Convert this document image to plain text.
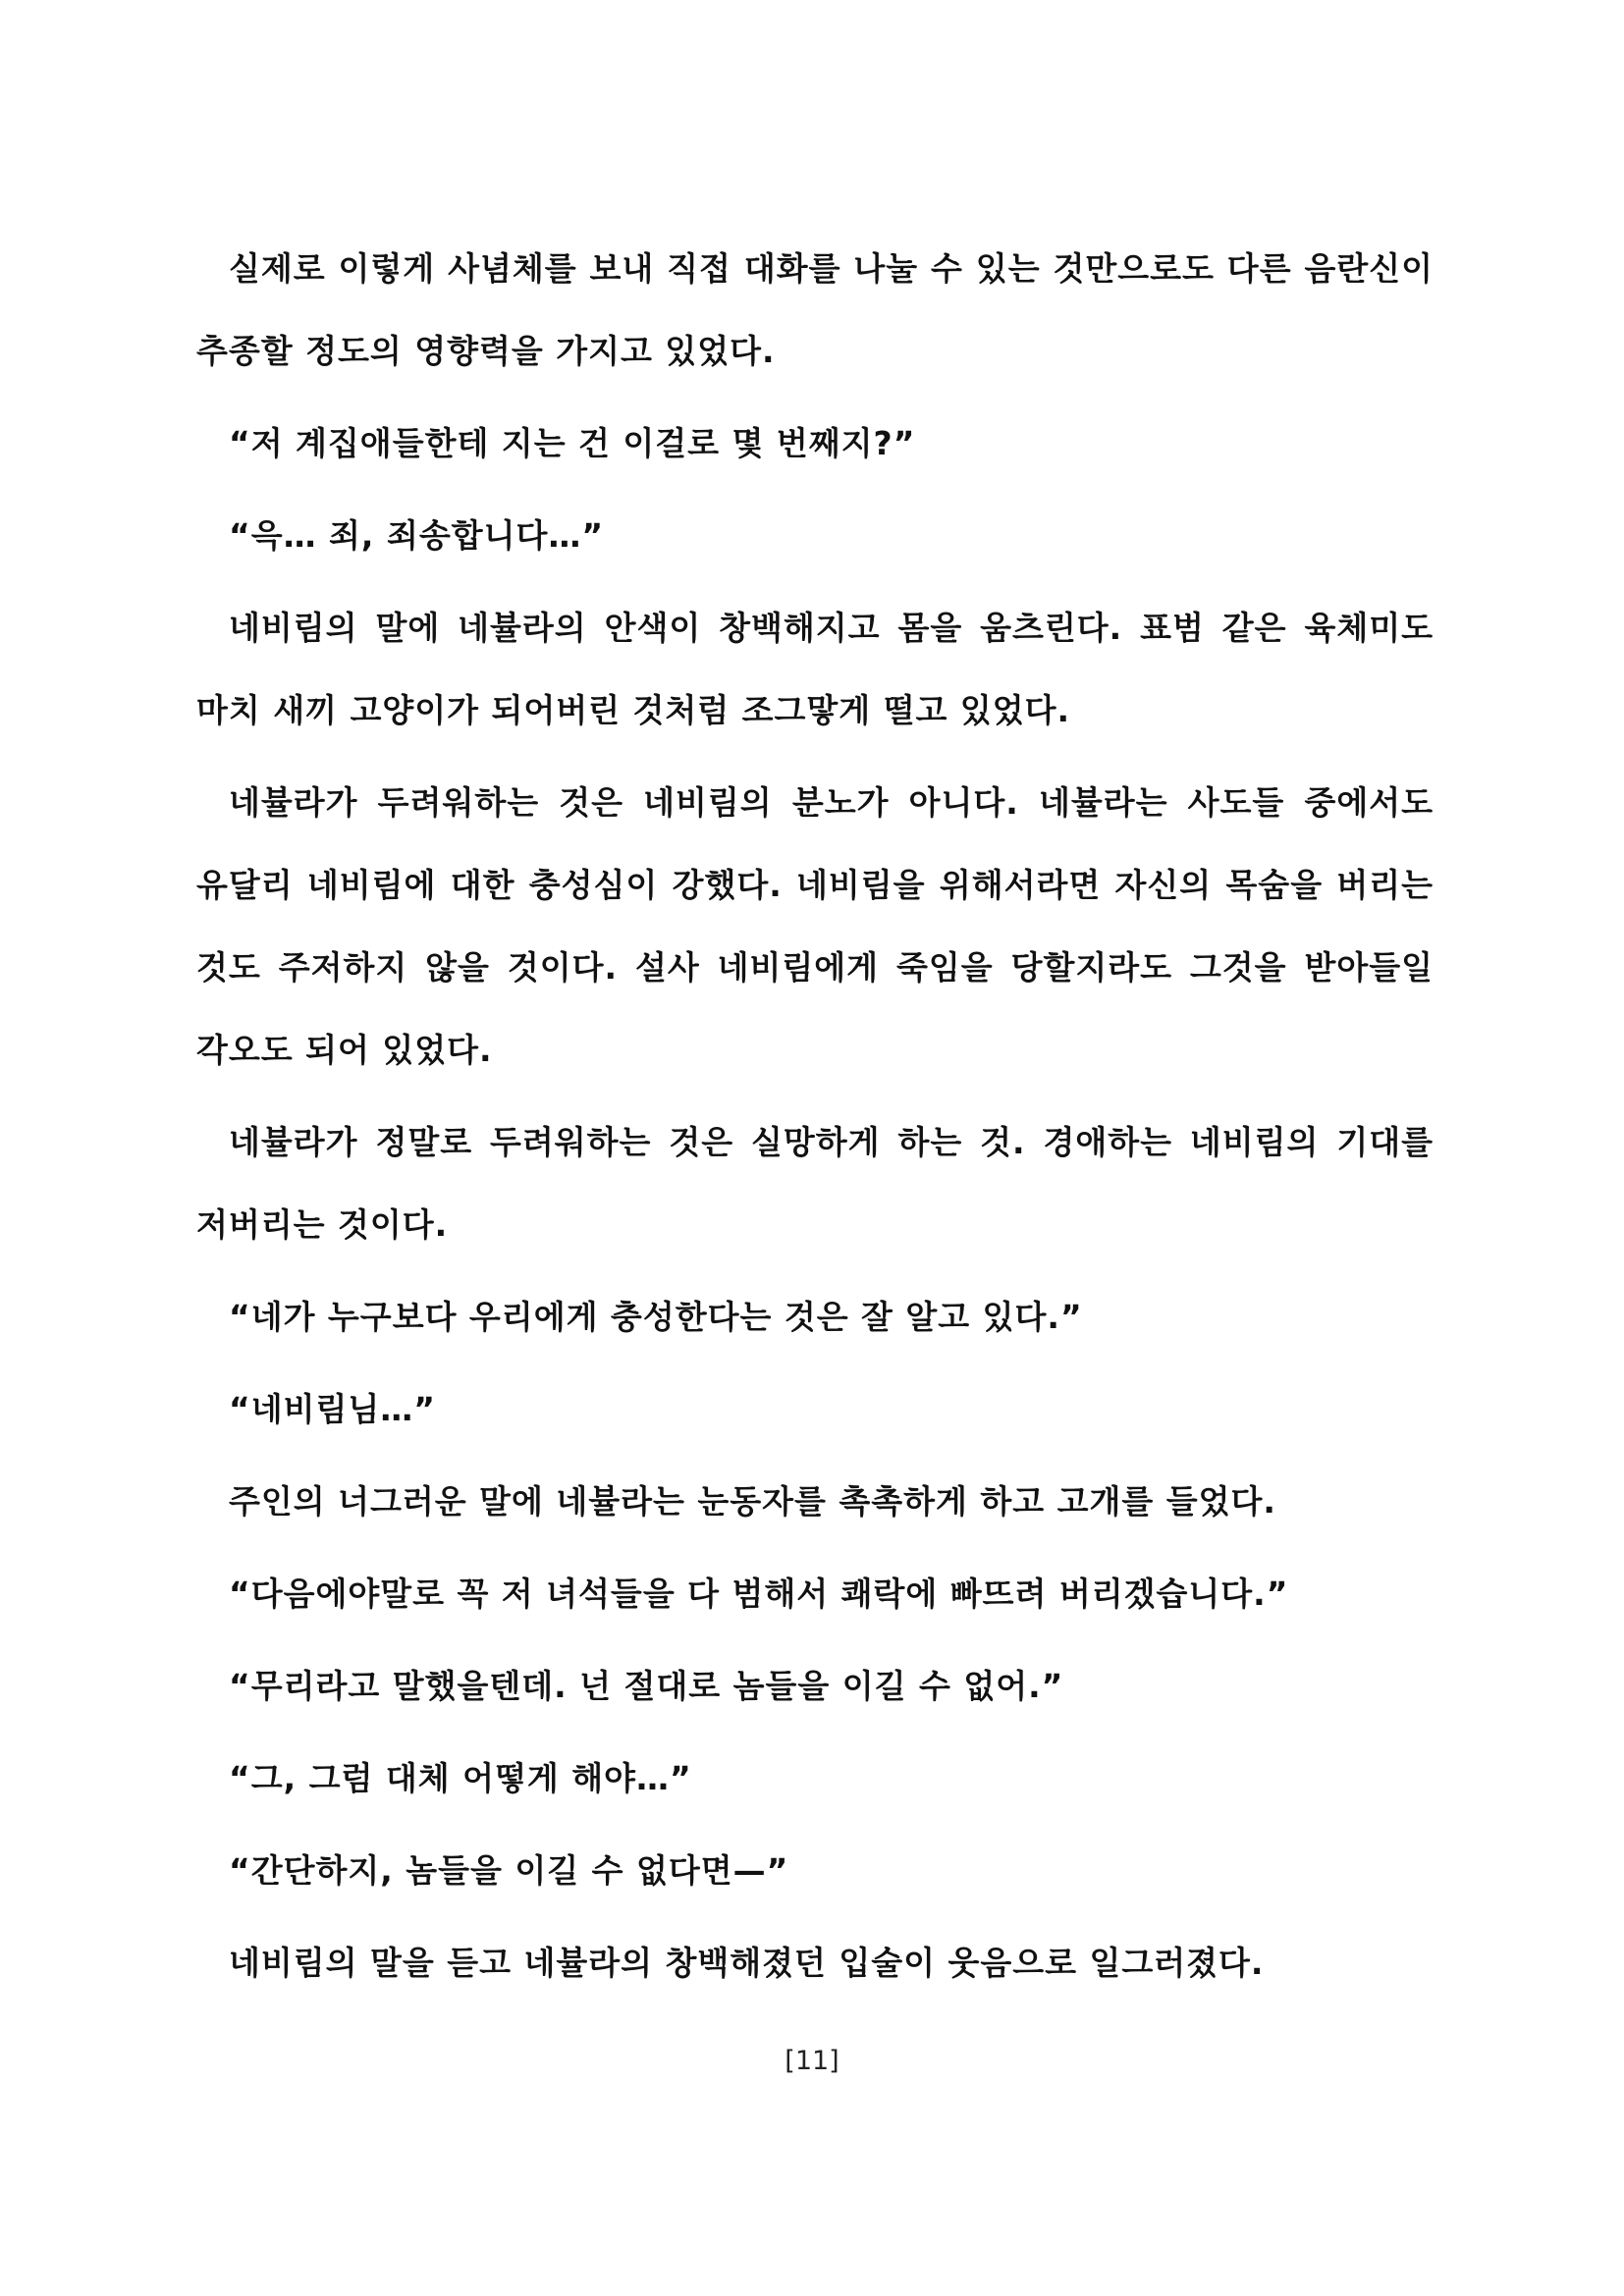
실제로 이렇게 사념체를 보내 직접 대화를 나눌 수 있는 것만으로도 다른 음란신이 추종할 정도의 영향력을 가지고 있었다.

“저 계집애들한테 지는 건 이걸로 몇 번째지?”

“윽… 죄, 죄송합니다…”

네비림의 말에 네뷸라의 안색이 창백해지고 몸을 움츠린다. 표범 같은 육체미도 마치 새끼 고양이가 되어버린 것처럼 조그맣게 떨고 있었다.

네뷸라가 두려워하는 것은 네비림의 분노가 아니다. 네뷸라는 사도들 중에서도 유달리 네비림에 대한 충성심이 강했다. 네비림을 위해서라면 자신의 목숨을 버리는 것도 주저하지 않을 것이다. 설사 네비림에게 죽임을 당할지라도 그것을 받아들일 각오도 되어 있었다.

네뷸라가 정말로 두려워하는 것은 실망하게 하는 것. 경애하는 네비림의 기대를 저버리는 것이다.

“네가 누구보다 우리에게 충성한다는 것은 잘 알고 있다.”

“네비림님…”

주인의 너그러운 말에 네뷸라는 눈동자를 촉촉하게 하고 고개를 들었다.

“다음에야말로 꼭 저 녀석들을 다 범해서 쾌락에 빠뜨려 버리겠습니다.”

“무리라고 말했을텐데. 넌 절대로 놈들을 이길 수 없어.”

“그, 그럼 대체 어떻게 해야…”

“간단하지, 놈들을 이길 수 없다면—”

네비림의 말을 듣고 네뷸라의 창백해졌던 입술이 웃음으로 일그러졌다.

[11]
